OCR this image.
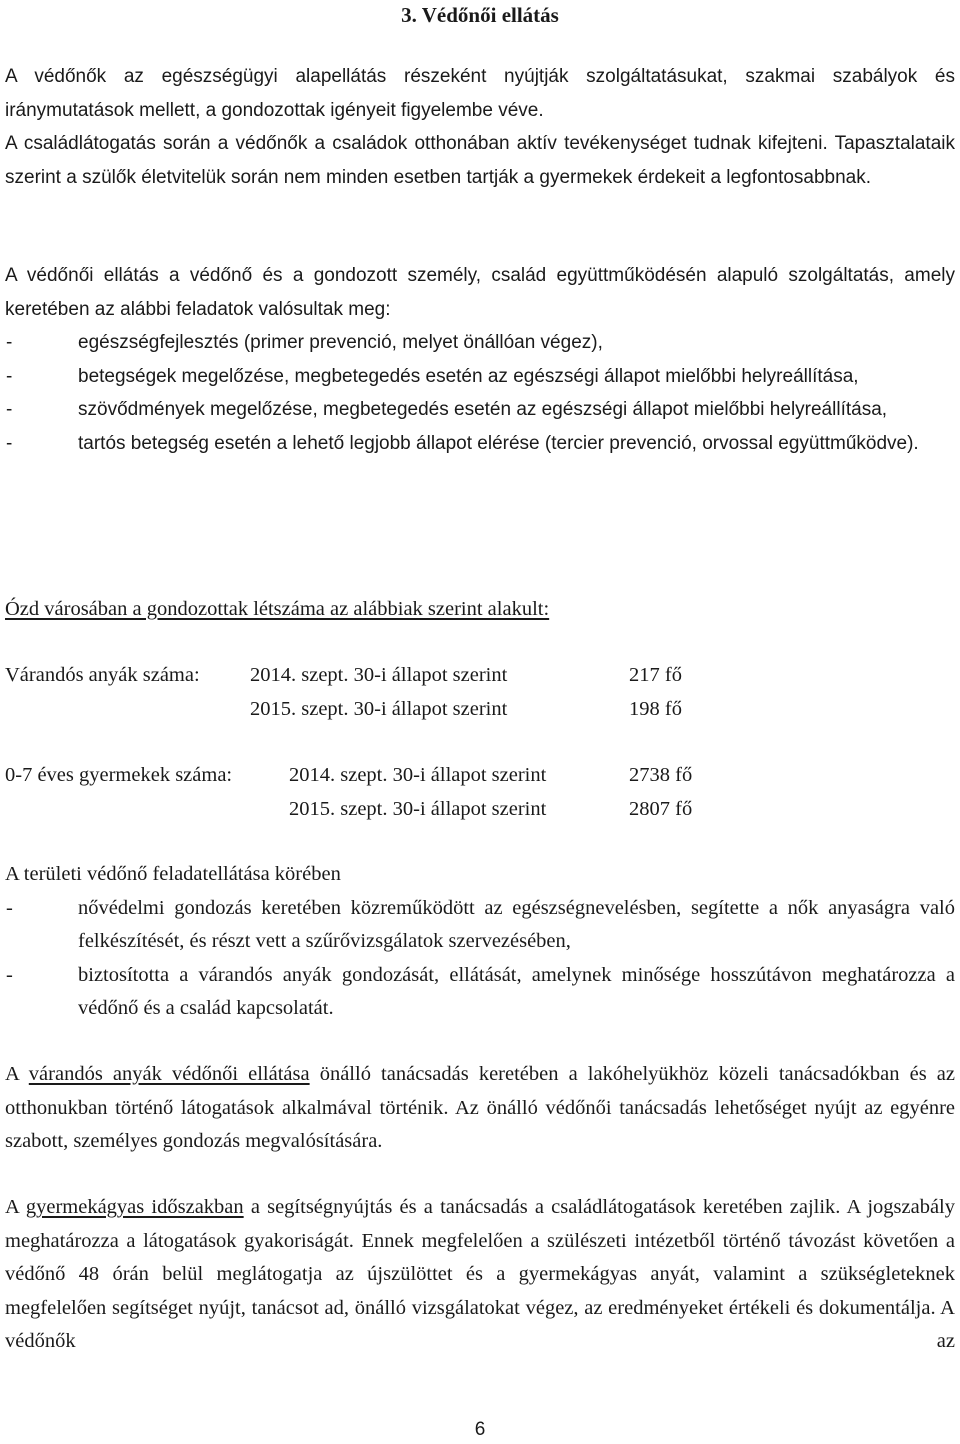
3. Védőnői ellátás
A védőnők az egészségügyi alapellátás részeként nyújtják szolgáltatásukat, szakmai szabályok és iránymutatások mellett, a gondozottak igényeit figyelembe véve.
A családlátogatás során a védőnők a családok otthonában aktív tevékenységet tudnak kifejteni. Tapasztalataik szerint a szülők életvitelük során nem minden esetben tartják a gyermekek érdekeit a legfontosabbnak.
A védőnői ellátás a védőnő és a gondozott személy, család együttműködésén alapuló szolgáltatás, amely keretében az alábbi feladatok valósultak meg:
- egészségfejlesztés (primer prevenció, melyet önállóan végez),
- betegségek megelőzése, megbetegedés esetén az egészségi állapot mielőbbi helyreállítása,
- szövődmények megelőzése, megbetegedés esetén az egészségi állapot mielőbbi helyreállítása,
- tartós betegség esetén a lehető legjobb állapot elérése (tercier prevenció, orvossal együttműködve).
Ózd városában a gondozottak létszáma az alábbiak szerint alakult:
Várandós anyák száma: 2014. szept. 30-i állapot szerint	217 fő
2015. szept. 30-i állapot szerint	198 fő
0-7 éves gyermekek száma:	2014. szept. 30-i állapot szerint	2738 fő
2015. szept. 30-i állapot szerint	2807 fő
A területi védőnő feladatellátása körében
- nővédelmi gondozás keretében közreműködött az egészségnevelésben, segítette a nők anyaságra való felkészítését, és részt vett a szűrővizsgálatok szervezésében,
- biztosította a várandós anyák gondozását, ellátását, amelynek minősége hosszútávon meghatározza a védőnő és a család kapcsolatát.
A várandós anyák védőnői ellátása önálló tanácsadás keretében a lakóhelyükhöz közeli tanácsadókban és az otthonukban történő látogatások alkalmával történik. Az önálló védőnői tanácsadás lehetőséget nyújt az egyénre szabott, személyes gondozás megvalósítására.
A gyermekágyas időszakban a segítségnyújtás és a tanácsadás a családlátogatások keretében zajlik. A jogszabály meghatározza a látogatások gyakoriságát. Ennek megfelelően a szülészeti intézetből történő távozást követően a védőnő 48 órán belül meglátogatja az újszülöttet és a gyermekágyas anyát, valamint a szükségleteknek megfelelően segítséget nyújt, tanácsot ad, önálló vizsgálatokat végez, az eredményeket értékeli és dokumentálja. A védőnők az
6
